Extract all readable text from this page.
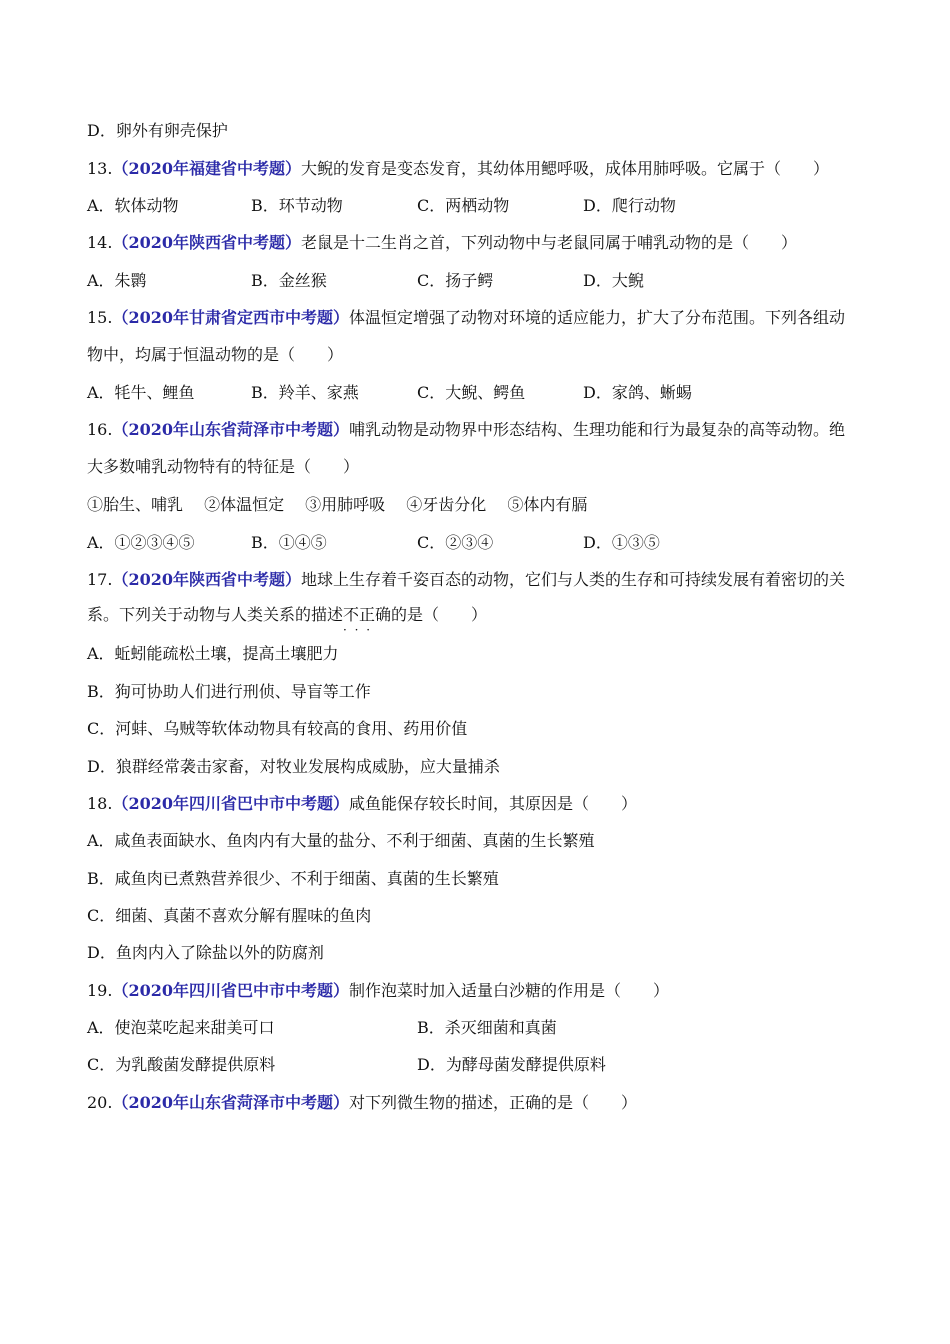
D．卵外有卵壳保护
13.（2020年福建省中考题）大鲵的发育是变态发育，其幼体用鳃呼吸，成体用肺呼吸。它属于（　　）
A．软体动物	B．环节动物	C．两栖动物	D．爬行动物
14.（2020年陕西省中考题）老鼠是十二生肖之首，下列动物中与老鼠同属于哺乳动物的是（　　）
A．朱鹮	B．金丝猴	C．扬子鳄	D．大鲵
15.（2020年甘肃省定西市中考题）体温恒定增强了动物对环境的适应能力，扩大了分布范围。下列各组动
物中，均属于恒温动物的是（　　）
A．牦牛、鲤鱼	B．羚羊、家燕	C．大鲵、鳄鱼	D．家鸽、蜥蜴
16.（2020年山东省菏泽市中考题）哺乳动物是动物界中形态结构、生理功能和行为最复杂的高等动物。绝
大多数哺乳动物特有的特征是（　　）
①胎生、哺乳　 ②体温恒定　 ③用肺呼吸　 ④牙齿分化　 ⑤体内有膈
A．①②③④⑤	B．①④⑤	C．②③④	D．①③⑤
17.（2020年陕西省中考题）地球上生存着千姿百态的动物，它们与人类的生存和可持续发展有着密切的关
系。下列关于动物与人类关系的描述不正确 · · ·的是（　　）
A．蚯蚓能疏松土壤，提高土壤肥力
B．狗可协助人们进行刑侦、导盲等工作
C．河蚌、乌贼等软体动物具有较高的食用、药用价值
D．狼群经常袭击家畜，对牧业发展构成威胁，应大量捕杀
18.（2020年四川省巴中市中考题）咸鱼能保存较长时间，其原因是（　　）
A．咸鱼表面缺水、鱼肉内有大量的盐分、不利于细菌、真菌的生长繁殖
B．咸鱼肉已煮熟营养很少、不利于细菌、真菌的生长繁殖
C．细菌、真菌不喜欢分解有腥味的鱼肉
D．鱼肉内入了除盐以外的防腐剂
19.（2020年四川省巴中市中考题）制作泡菜时加入适量白沙糖的作用是（　　）
A．使泡菜吃起来甜美可口	B．杀灭细菌和真菌
C．为乳酸菌发酵提供原料	D．为酵母菌发酵提供原料
20.（2020年山东省菏泽市中考题）对下列微生物的描述，正确的是（　　）
